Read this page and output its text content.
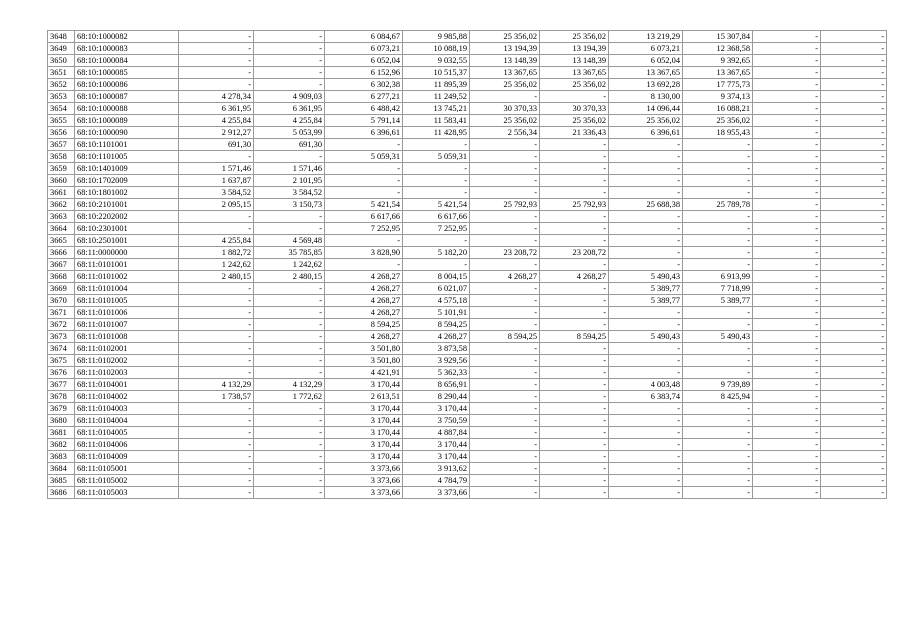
3648	68:10:1000082	-	-	6 084,67	9 985,88	25 356,02	25 356,02	13 219,29	15 307,84	-	-
3649	68:10:1000083	-	-	6 073,21	10 088,19	13 194,39	13 194,39	6 073,21	12 368,58	-	-
3650	68:10:1000084	-	-	6 052,04	9 032,55	13 148,39	13 148,39	6 052,04	9 392,65	-	-
3651	68:10:1000085	-	-	6 152,96	10 515,37	13 367,65	13 367,65	13 367,65	13 367,65	-	-
3652	68:10:1000086	-	-	6 302,38	11 895,39	25 356,02	25 356,02	13 692,28	17 775,73	-	-
3653	68:10:1000087	4 278,34	4 909,03	6 277,21	11 249,52	-	-	8 130,00	9 374,13	-	-
3654	68:10:1000088	6 361,95	6 361,95	6 488,42	13 745,21	30 370,33	30 370,33	14 096,44	16 088,21	-	-
3655	68:10:1000089	4 255,84	4 255,84	5 791,14	11 583,41	25 356,02	25 356,02	25 356,02	25 356,02	-	-
3656	68:10:1000090	2 912,27	5 053,99	6 396,61	11 428,95	2 556,34	21 336,43	6 396,61	18 955,43	-	-
3657	68:10:1101001	691,30	691,30	-	-	-	-	-	-	-	-
3658	68:10:1101005	-	-	5 059,31	5 059,31	-	-	-	-	-	-
3659	68:10:1401009	1 571,46	1 571,46	-	-	-	-	-	-	-	-
3660	68:10:1702009	1 637,87	2 101,95	-	-	-	-	-	-	-	-
3661	68:10:1801002	3 584,52	3 584,52	-	-	-	-	-	-	-	-
3662	68:10:2101001	2 095,15	3 150,73	5 421,54	5 421,54	25 792,93	25 792,93	25 688,38	25 789,78	-	-
3663	68:10:2202002	-	-	6 617,66	6 617,66	-	-	-	-	-	-
3664	68:10:2301001	-	-	7 252,95	7 252,95	-	-	-	-	-	-
3665	68:10:2501001	4 255,84	4 569,48	-	-	-	-	-	-	-	-
3666	68:11:0000000	1 882,72	35 785,85	3 828,90	5 182,20	23 208,72	23 208,72	-	-	-	-
3667	68:11:0101001	1 242,62	1 242,62	-	-	-	-	-	-	-	-
3668	68:11:0101002	2 480,15	2 480,15	4 268,27	8 004,15	4 268,27	4 268,27	5 490,43	6 913,99	-	-
3669	68:11:0101004	-	-	4 268,27	6 021,07	-	-	5 389,77	7 718,99	-	-
3670	68:11:0101005	-	-	4 268,27	4 575,18	-	-	5 389,77	5 389,77	-	-
3671	68:11:0101006	-	-	4 268,27	5 101,91	-	-	-	-	-	-
3672	68:11:0101007	-	-	8 594,25	8 594,25	-	-	-	-	-	-
3673	68:11:0101008	-	-	4 268,27	4 268,27	8 594,25	8 594,25	5 490,43	5 490,43	-	-
3674	68:11:0102001	-	-	3 501,80	3 873,58	-	-	-	-	-	-
3675	68:11:0102002	-	-	3 501,80	3 929,56	-	-	-	-	-	-
3676	68:11:0102003	-	-	4 421,91	5 362,33	-	-	-	-	-	-
3677	68:11:0104001	4 132,29	4 132,29	3 170,44	8 656,91	-	-	4 003,48	9 739,89	-	-
3678	68:11:0104002	1 738,57	1 772,62	2 613,51	8 290,44	-	-	6 383,74	8 425,94	-	-
3679	68:11:0104003	-	-	3 170,44	3 170,44	-	-	-	-	-	-
3680	68:11:0104004	-	-	3 170,44	3 750,59	-	-	-	-	-	-
3681	68:11:0104005	-	-	3 170,44	4 887,84	-	-	-	-	-	-
3682	68:11:0104006	-	-	3 170,44	3 170,44	-	-	-	-	-	-
3683	68:11:0104009	-	-	3 170,44	3 170,44	-	-	-	-	-	-
3684	68:11:0105001	-	-	3 373,66	3 913,62	-	-	-	-	-	-
3685	68:11:0105002	-	-	3 373,66	4 784,79	-	-	-	-	-	-
3686	68:11:0105003	-	-	3 373,66	3 373,66	-	-	-	-	-	-
